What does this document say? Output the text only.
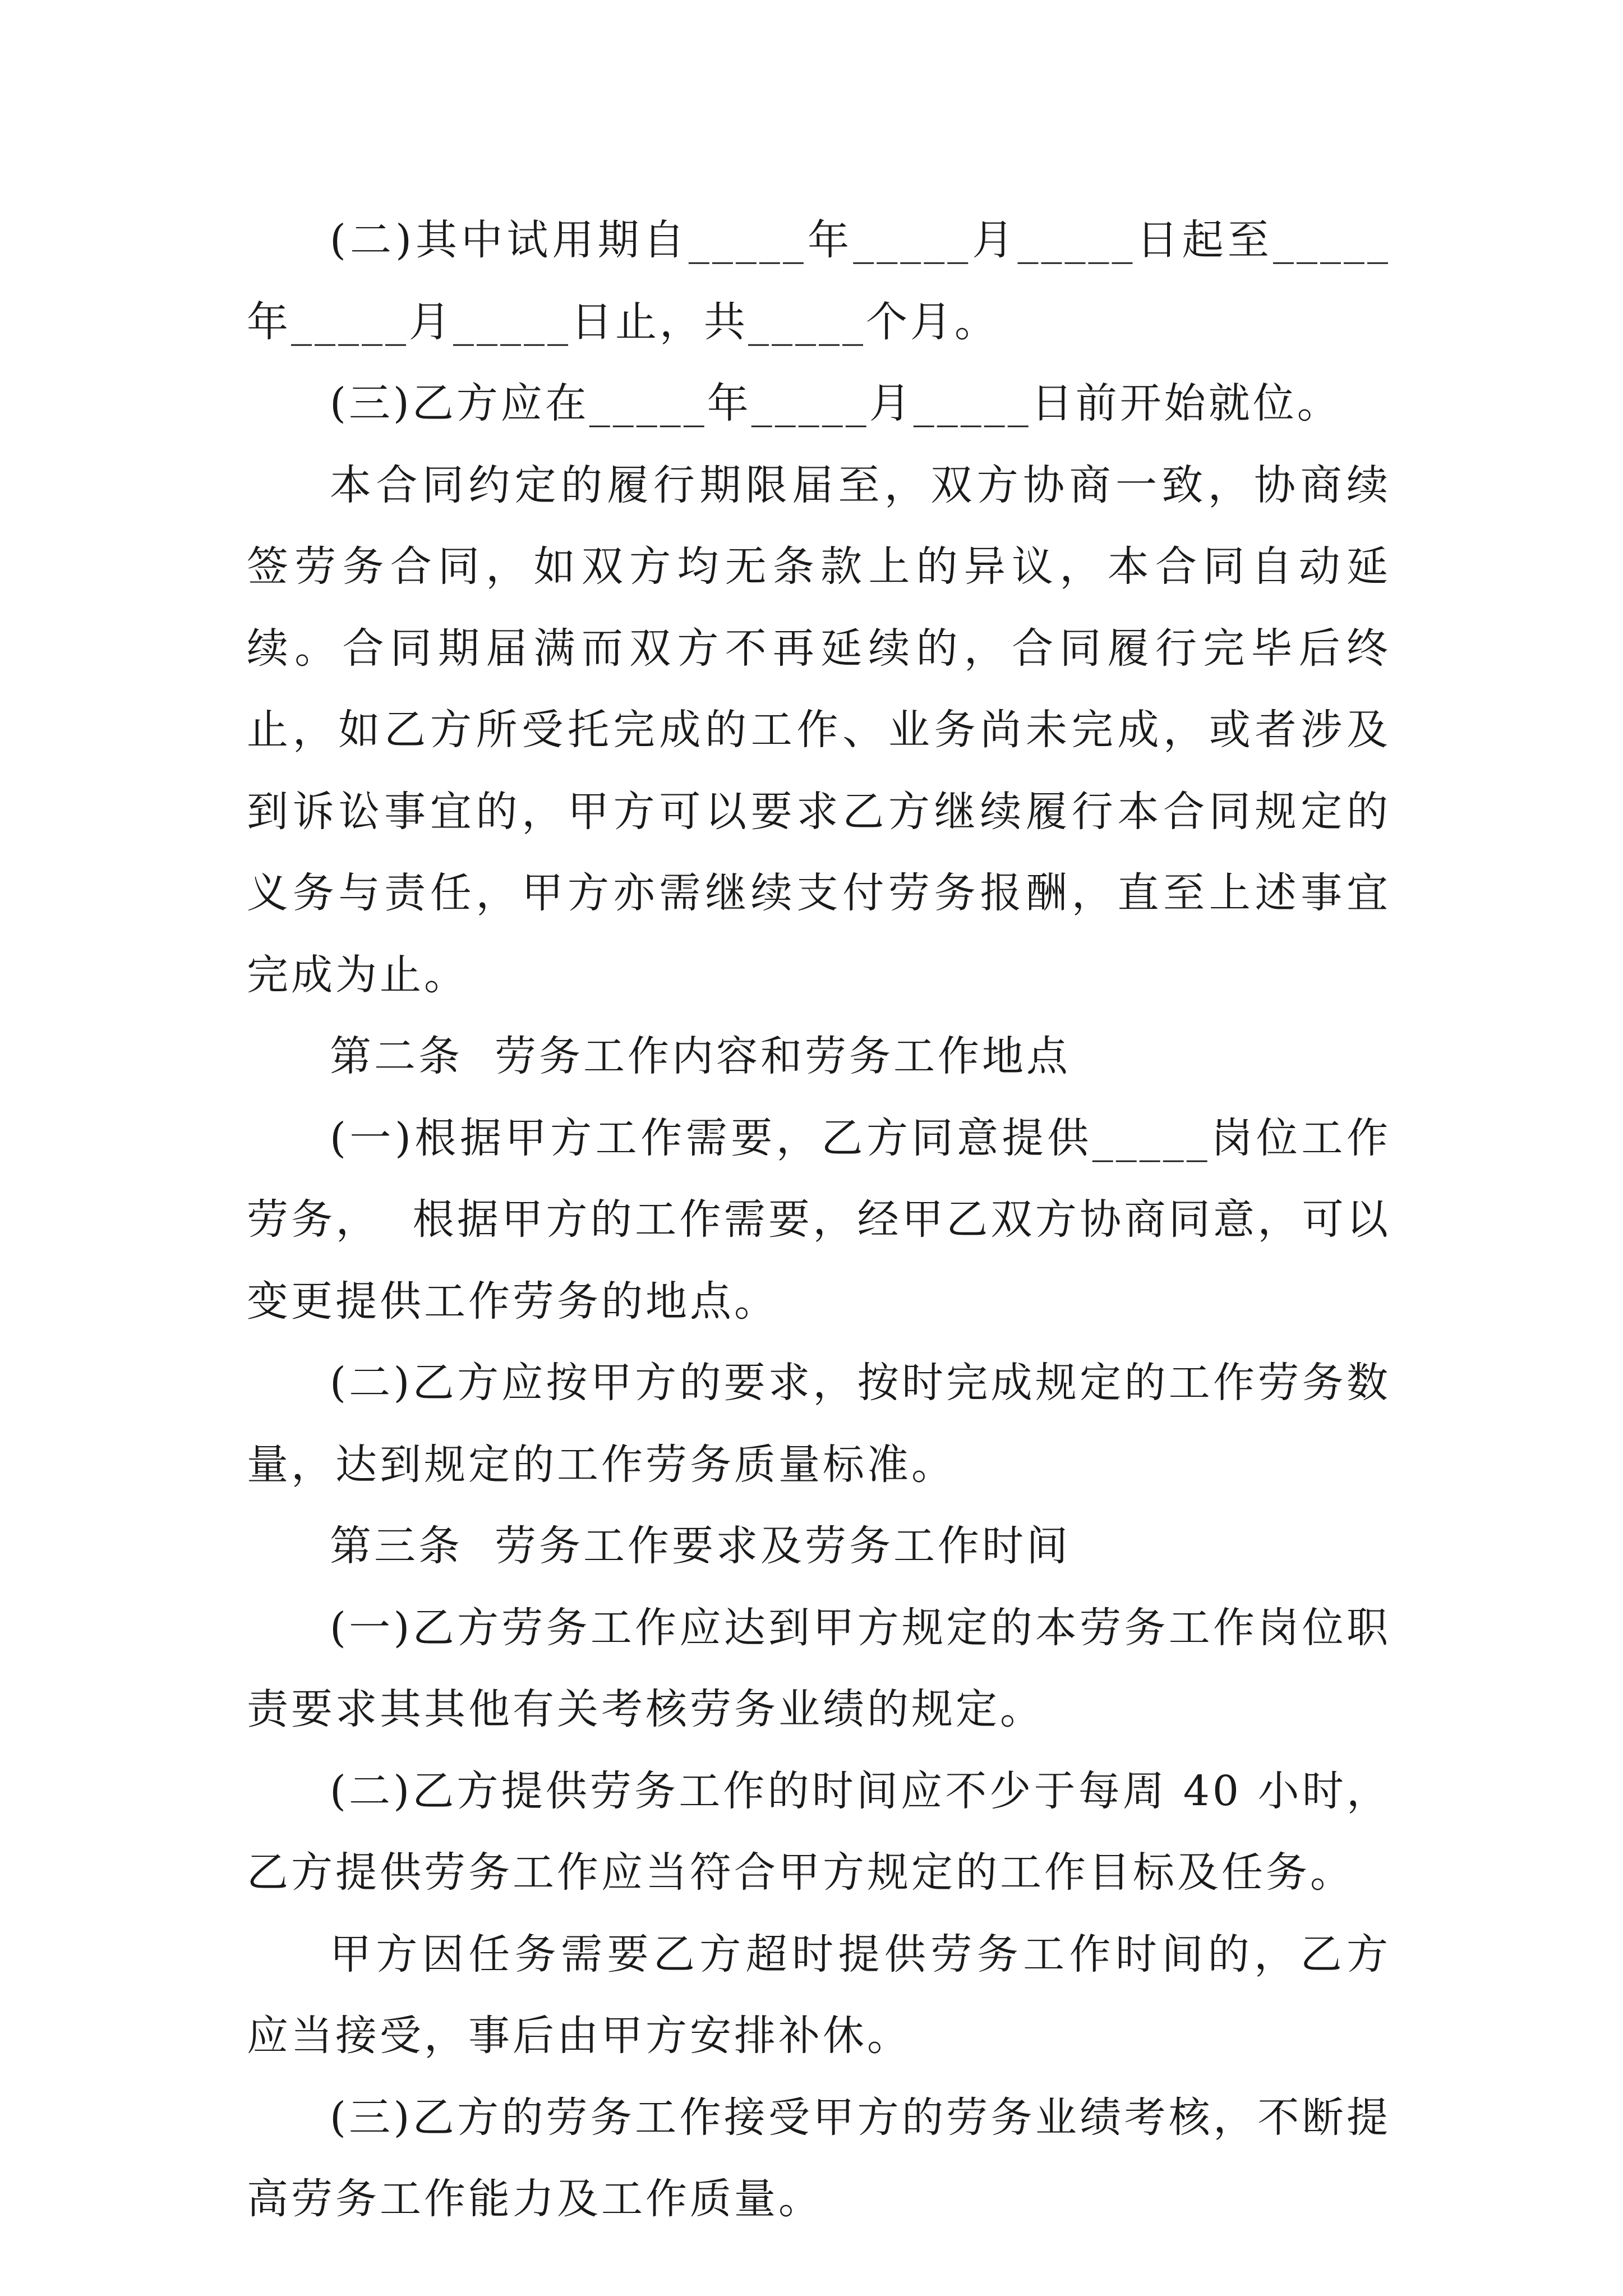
(二)其中试用期自_____年_____月_____日起至_____年_____月_____日止，共_____个月。

(三)乙方应在_____年_____月_____日前开始就位。

本合同约定的履行期限届至，双方协商一致，协商续签劳务合同，如双方均无条款上的异议，本合同自动延续。合同期届满而双方不再延续的，合同履行完毕后终止，如乙方所受托完成的工作、业务尚未完成，或者涉及到诉讼事宜的，甲方可以要求乙方继续履行本合同规定的义务与责任，甲方亦需继续支付劳务报酬，直至上述事宜完成为止。

第二条  劳务工作内容和劳务工作地点

(一)根据甲方工作需要，乙方同意提供_____岗位工作劳务，  根据甲方的工作需要，经甲乙双方协商同意，可以变更提供工作劳务的地点。

(二)乙方应按甲方的要求，按时完成规定的工作劳务数量，达到规定的工作劳务质量标准。

第三条  劳务工作要求及劳务工作时间

(一)乙方劳务工作应达到甲方规定的本劳务工作岗位职责要求其其他有关考核劳务业绩的规定。

(二)乙方提供劳务工作的时间应不少于每周 40 小时，乙方提供劳务工作应当符合甲方规定的工作目标及任务。

甲方因任务需要乙方超时提供劳务工作时间的，乙方应当接受，事后由甲方安排补休。

(三)乙方的劳务工作接受甲方的劳务业绩考核，不断提高劳务工作能力及工作质量。
